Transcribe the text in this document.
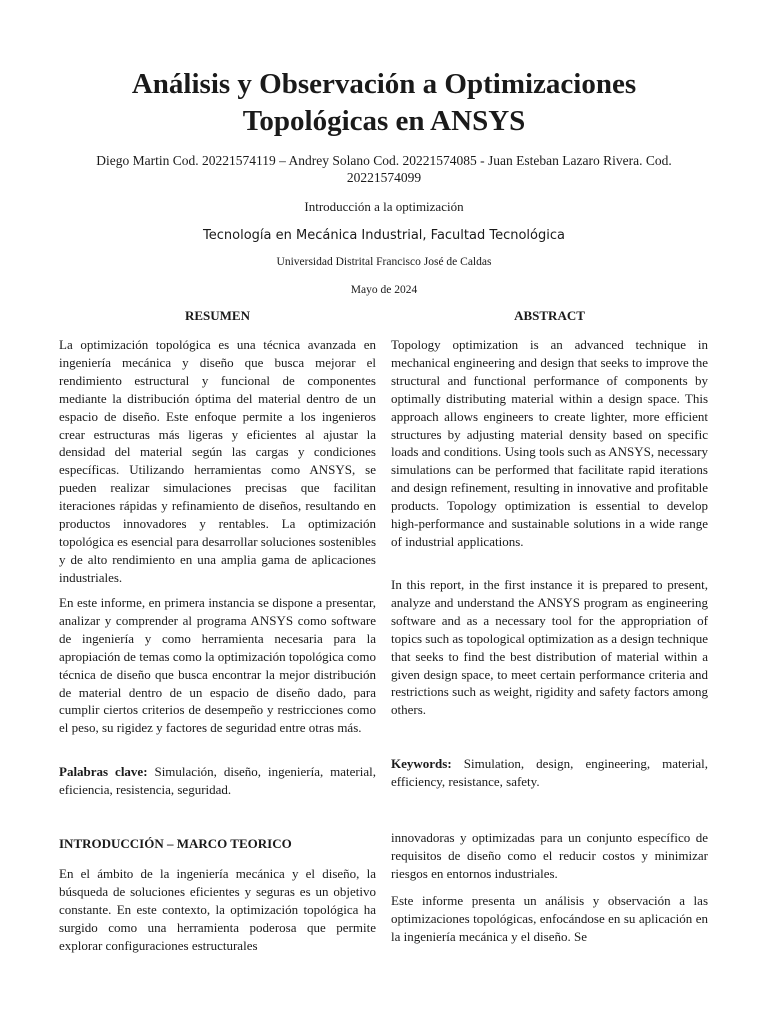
Análisis y Observación a Optimizaciones
Topológicas en ANSYS

Diego Martin Cod. 20221574119 – Andrey Solano Cod. 20221574085 - Juan Esteban Lazaro Rivera. Cod. 20221574099

Introducción a la optimización

Tecnología en Mecánica Industrial, Facultad Tecnológica

Universidad Distrital Francisco José de Caldas

Mayo de 2024

RESUMEN	ABSTRACT

La optimización topológica es una técnica avanzada en ingeniería mecánica y diseño que busca mejorar el rendimiento estructural y funcional de componentes mediante la distribución óptima del material dentro de un espacio de diseño. Este enfoque permite a los ingenieros crear estructuras más ligeras y eficientes al ajustar la densidad del material según las cargas y condiciones específicas. Utilizando herramientas como ANSYS, se pueden realizar simulaciones precisas que facilitan iteraciones rápidas y refinamiento de diseños, resultando en productos innovadores y rentables. La optimización topológica es esencial para desarrollar soluciones sostenibles y de alto rendimiento en una amplia gama de aplicaciones industriales.

En este informe, en primera instancia se dispone a presentar, analizar y comprender al programa ANSYS como software de ingeniería y como herramienta necesaria para la apropiación de temas como la optimización topológica como técnica de diseño que busca encontrar la mejor distribución de material dentro de un espacio de diseño dado, para cumplir ciertos criterios de desempeño y restricciones como el peso, su rigidez y factores de seguridad entre otras más.

Palabras clave: Simulación, diseño, ingeniería, material, eficiencia, resistencia, seguridad.

Topology optimization is an advanced technique in mechanical engineering and design that seeks to improve the structural and functional performance of components by optimally distributing material within a design space. This approach allows engineers to create lighter, more efficient structures by adjusting material density based on specific loads and conditions. Using tools such as ANSYS, necessary simulations can be performed that facilitate rapid iterations and design refinement, resulting in innovative and profitable products. Topology optimization is essential to develop high-performance and sustainable solutions in a wide range of industrial applications.

In this report, in the first instance it is prepared to present, analyze and understand the ANSYS program as engineering software and as a necessary tool for the appropriation of topics such as topological optimization as a design technique that seeks to find the best distribution of material within a given design space, to meet certain performance criteria and restrictions such as weight, rigidity and safety factors among others.

Keywords: Simulation, design, engineering, material, efficiency, resistance, safety.

INTRODUCCIÓN – MARCO TEORICO

En el ámbito de la ingeniería mecánica y el diseño, la búsqueda de soluciones eficientes y seguras es un objetivo constante. En este contexto, la optimización topológica ha surgido como una herramienta poderosa que permite explorar configuraciones estructurales

innovadoras y optimizadas para un conjunto específico de requisitos de diseño como el reducir costos y minimizar riesgos en entornos industriales.

Este informe presenta un análisis y observación a las optimizaciones topológicas, enfocándose en su aplicación en la ingeniería mecánica y el diseño. Se
